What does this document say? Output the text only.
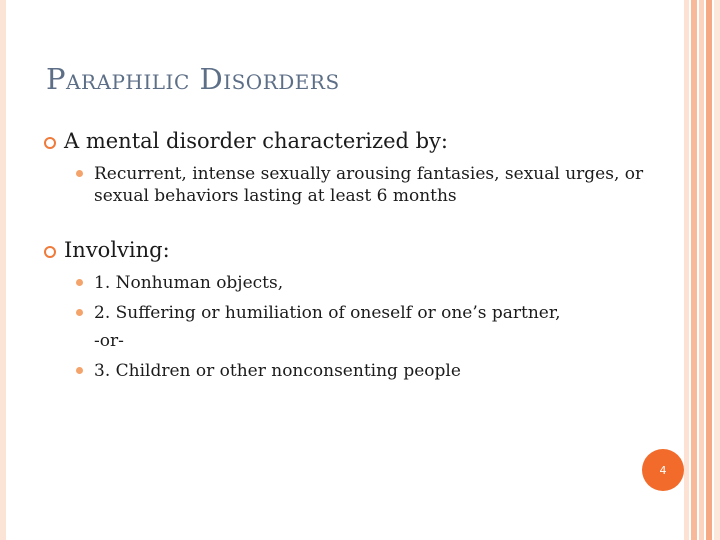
Paraphilic Disorders
A mental disorder characterized by:
Recurrent, intense sexually arousing fantasies, sexual urges, or sexual behaviors lasting at least 6 months
Involving:
1. Nonhuman objects,
2. Suffering or humiliation of oneself or one’s partner,
-or-
3. Children or other nonconsenting people
4
